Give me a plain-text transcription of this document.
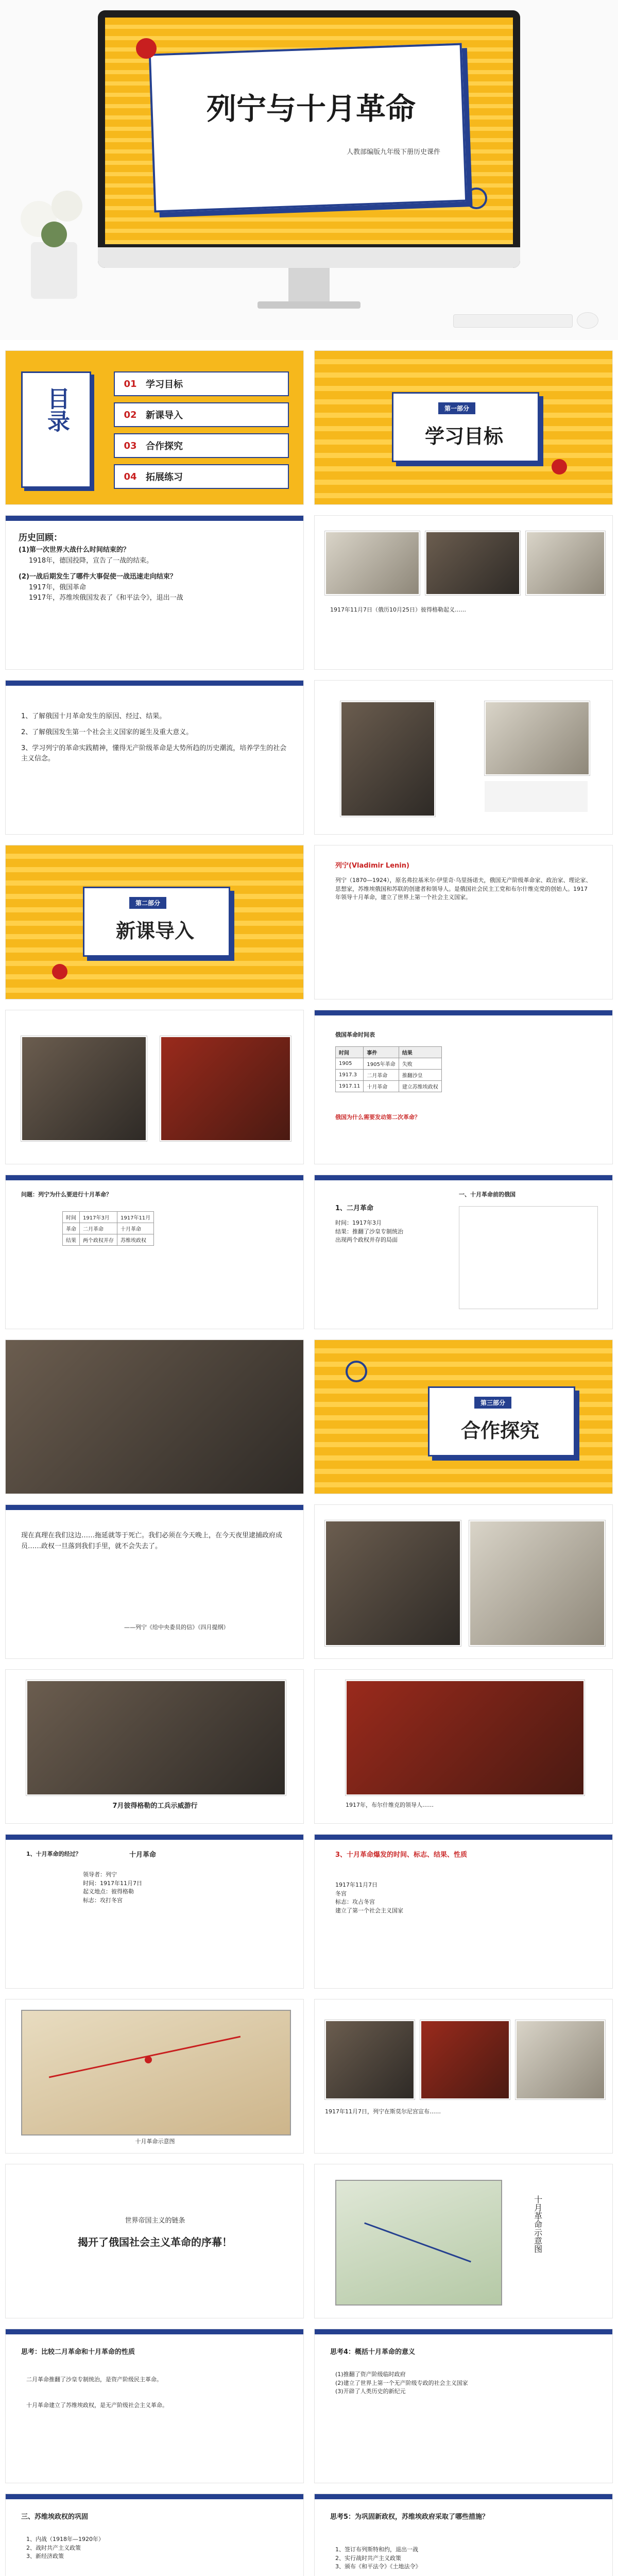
列宁与十月革命
人教部编版九年级下册历史课件
目录
01 学习目标
02 新课导入
03 合作探究
04 拓展练习
第一部分
学习目标
历史回顾：
(1)第一次世界大战什么时间结束的？
1918年，德国投降，宣告了一战的结束。
(2)一战后期发生了哪件大事促使一战迅速走向结束？
1917年，俄国革命
1917年，苏维埃俄国发表了《和平法令》，退出一战
1917年11月7日（俄历10月25日）彼得格勒起义……
1、了解俄国十月革命发生的原因、经过、结果。
2、了解俄国发生第一个社会主义国家的诞生及重大意义。
3、学习列宁的革命实践精神，懂得无产阶级革命是大势所趋的历史潮流，培养学生的社会主义信念。
第二部分
新课导入
列宁(Vladimir Lenin)
列宁（1870—1924），原名弗拉基米尔·伊里奇·乌里扬诺夫，俄国无产阶级革命家、政治家、理论家、思想家，苏维埃俄国和苏联的创建者和领导人。是俄国社会民主工党和布尔什维克党的创始人。1917年领导十月革命，建立了世界上第一个社会主义国家。
俄国革命时间表
时间	事件	结果
1905	1905年革命	失败
1917.3	二月革命	推翻沙皇
1917.11	十月革命	建立苏维埃政权
俄国为什么需要发动第二次革命？
问题：列宁为什么要进行十月革命？
时间	1917年3月	1917年11月
革命	二月革命	十月革命
结果	两个政权并存	苏维埃政权
一、十月革命前的俄国
1、二月革命
时间：1917年3月
结果：推翻了沙皇专制统治
出现两个政权并存的局面
第三部分
合作探究
现在真理在我们这边……拖延就等于死亡。我们必须在今天晚上，在今天夜里逮捕政府成员……政权一旦落到我们手里，就不会失去了。
——列宁《给中央委员的信》（四月提纲）
7月彼得格勒的工兵示威游行	1917年，布尔什维克的领导人……
1、十月革命的经过？	十月革命
领导者：列宁
时间：1917年11月7日
起义地点：彼得格勒
标志：攻打冬宫
3、十月革命爆发的时间、标志、结果、性质
1917年11月7日
冬宫
标志：攻占冬宫
建立了第一个社会主义国家
十月革命示意图
1917年11月7日，列宁在斯莫尔尼宫宣布……
世界帝国主义的链条
揭开了俄国社会主义革命的序幕！	十月革命示意图
思考：比较二月革命和十月革命的性质
二月革命推翻了沙皇专制统治，是资产阶级民主革命。
十月革命建立了苏维埃政权，是无产阶级社会主义革命。
思考4：概括十月革命的意义
(1)推翻了资产阶级临时政府
(2)建立了世界上第一个无产阶级专政的社会主义国家
(3)开辟了人类历史的新纪元
三、苏维埃政权的巩固
1、内战（1918年—1920年）
2、战时共产主义政策
3、新经济政策
思考5：为巩固新政权，苏维埃政府采取了哪些措施？
1、签订布列斯特和约，退出一战
2、实行战时共产主义政策
3、颁布《和平法令》《土地法令》
